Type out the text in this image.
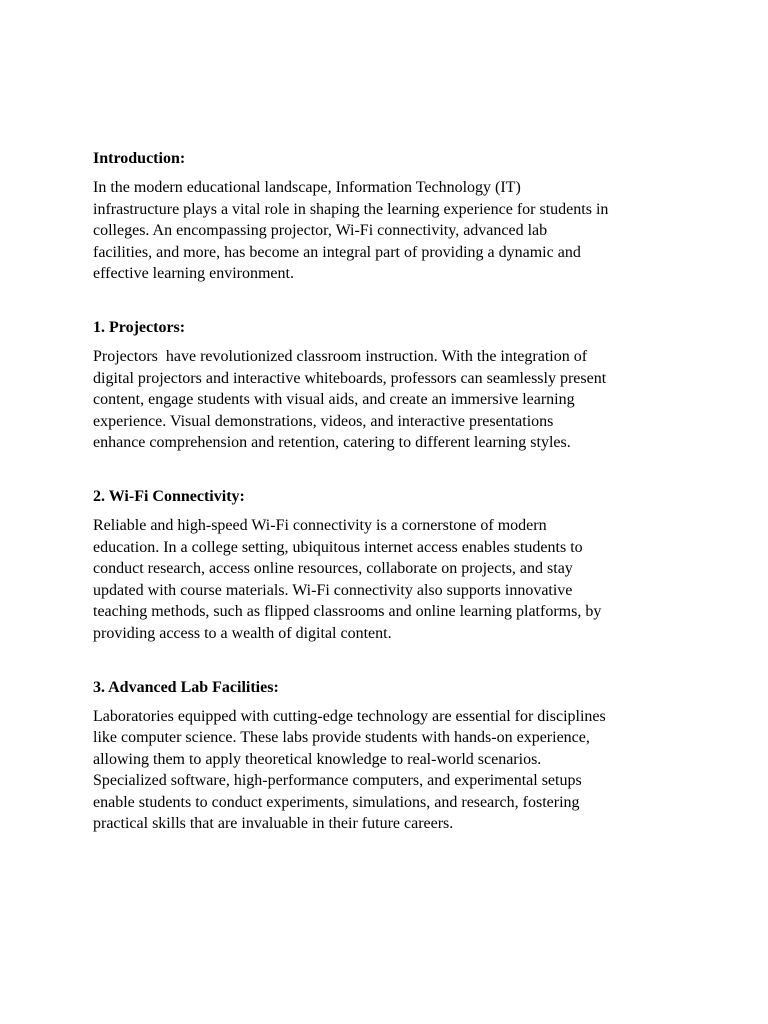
Introduction:

In the modern educational landscape, Information Technology (IT)
infrastructure plays a vital role in shaping the learning experience for students in
colleges. An encompassing projector, Wi-Fi connectivity, advanced lab
facilities, and more, has become an integral part of providing a dynamic and
effective learning environment.

1. Projectors:

Projectors  have revolutionized classroom instruction. With the integration of
digital projectors and interactive whiteboards, professors can seamlessly present
content, engage students with visual aids, and create an immersive learning
experience. Visual demonstrations, videos, and interactive presentations
enhance comprehension and retention, catering to different learning styles.

2. Wi-Fi Connectivity:

Reliable and high-speed Wi-Fi connectivity is a cornerstone of modern
education. In a college setting, ubiquitous internet access enables students to
conduct research, access online resources, collaborate on projects, and stay
updated with course materials. Wi-Fi connectivity also supports innovative
teaching methods, such as flipped classrooms and online learning platforms, by
providing access to a wealth of digital content.

3. Advanced Lab Facilities:

Laboratories equipped with cutting-edge technology are essential for disciplines
like computer science. These labs provide students with hands-on experience,
allowing them to apply theoretical knowledge to real-world scenarios.
Specialized software, high-performance computers, and experimental setups
enable students to conduct experiments, simulations, and research, fostering
practical skills that are invaluable in their future careers.
